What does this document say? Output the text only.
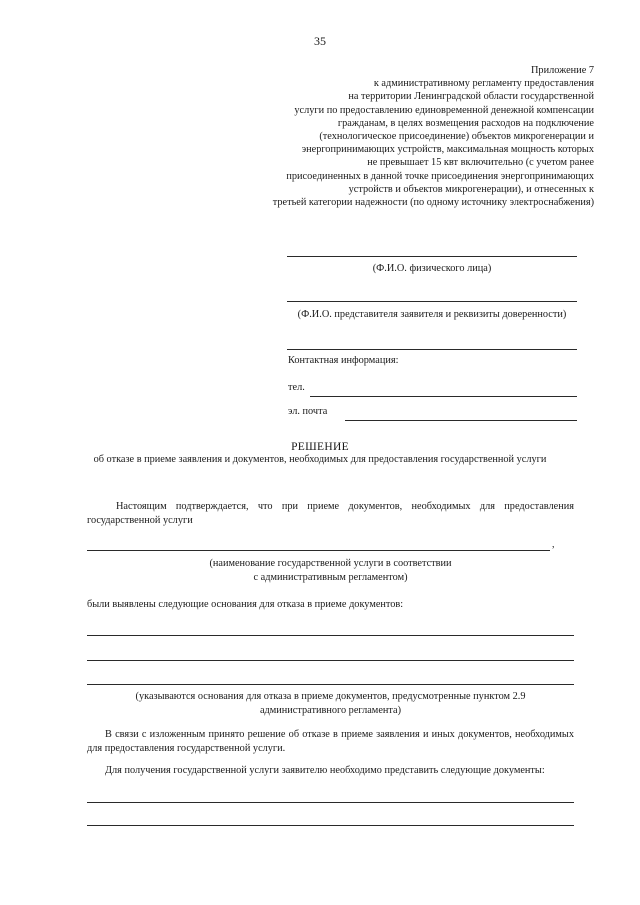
35
Приложение 7
к административному регламенту предоставления
на территории Ленинградской области государственной
услуги по предоставлению единовременной денежной компенсации
гражданам, в целях возмещения расходов на подключение
(технологическое присоединение) объектов микрогенерации и
энергопринимающих устройств, максимальная мощность которых
не превышает 15 квт включительно (с учетом ранее
присоединенных в данной точке присоединения энергопринимающих
устройств и объектов микрогенерации), и отнесенных к
третьей категории надежности (по одному источнику электроснабжения)
(Ф.И.О. физического лица)
(Ф.И.О. представителя заявителя и реквизиты доверенности)
Контактная информация:
тел.
эл. почта
РЕШЕНИЕ
об отказе в приеме заявления и документов, необходимых для предоставления государственной услуги
Настоящим подтверждается, что при приеме документов, необходимых для предоставления государственной услуги
,
(наименование государственной услуги в соответствии
с административным регламентом)
были выявлены следующие основания для отказа в приеме документов:
(указываются основания для отказа в приеме документов, предусмотренные пунктом 2.9
административного регламента)
В связи с изложенным принято решение об отказе в приеме заявления и иных документов, необходимых для предоставления государственной услуги.
Для получения государственной услуги заявителю необходимо представить следующие документы:
